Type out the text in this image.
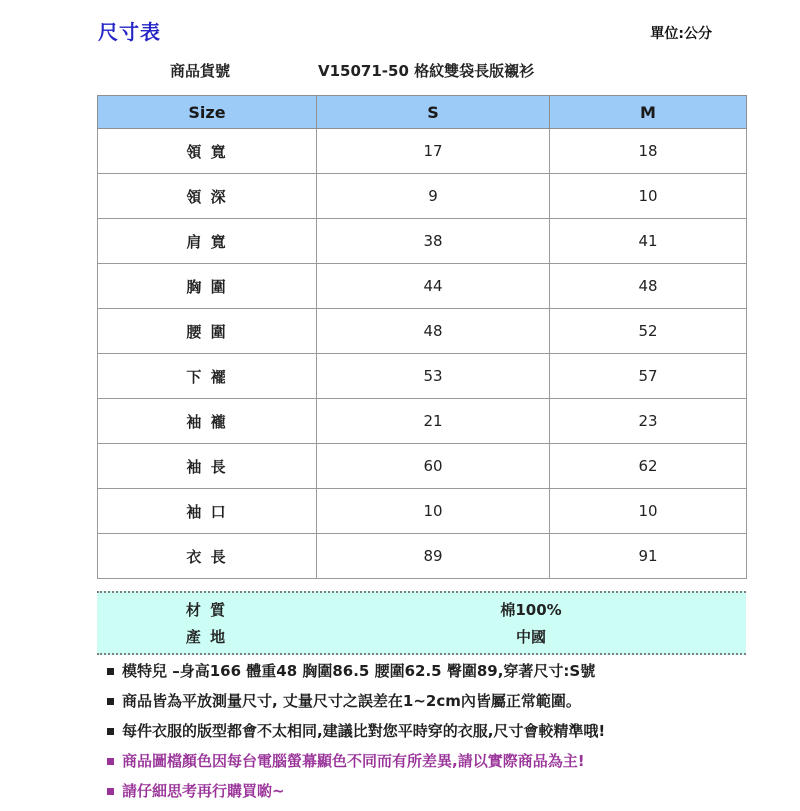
尺寸表	單位:公分
商品貨號	V15071-50 格紋雙袋長版襯衫
Size	S	M
領 寬	17	18
領 深	9	10
肩 寬	38	41
胸 圍	44	48
腰 圍	48	52
下 襬	53	57
袖 襱	21	23
袖 長	60	62
袖 口	10	10
衣 長	89	91
材 質	棉100%
產 地	中國
模特兒 –身高166 體重48 胸圍86.5 腰圍62.5 臀圍89,穿著尺寸:S號
商品皆為平放測量尺寸, 丈量尺寸之誤差在1~2cm內皆屬正常範圍。
每件衣服的版型都會不太相同,建議比對您平時穿的衣服,尺寸會較精準哦!
商品圖檔顏色因每台電腦螢幕顯色不同而有所差異,請以實際商品為主!
請仔細思考再行購買喲~
